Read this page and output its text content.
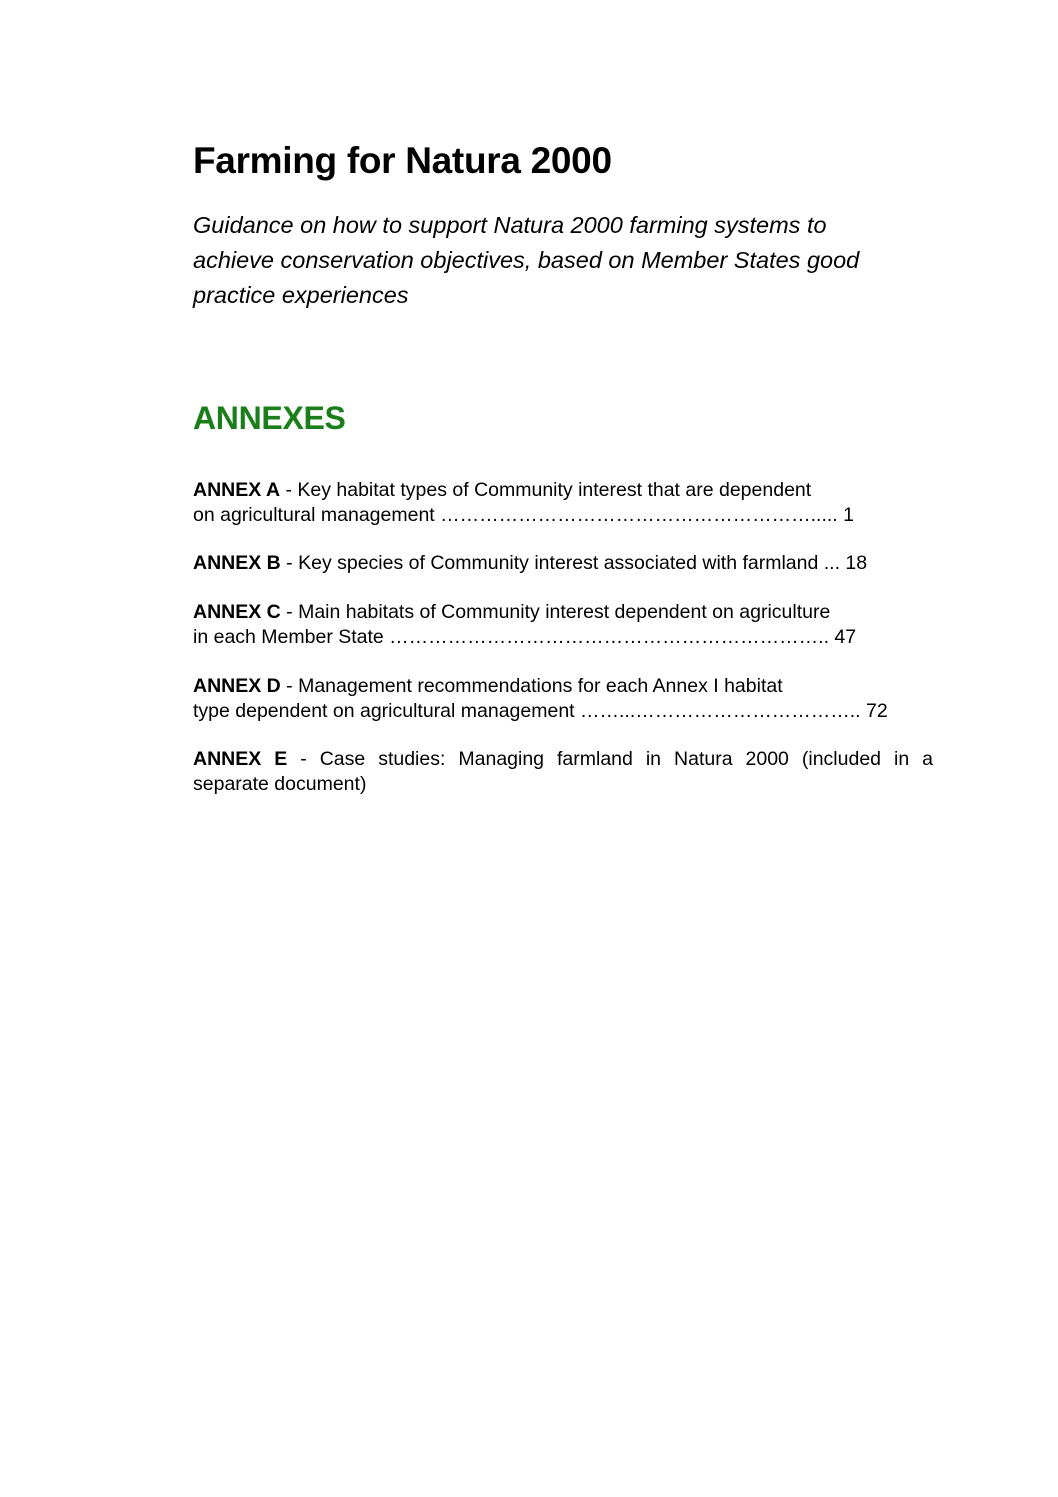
Farming for Natura 2000
Guidance on how to support Natura 2000 farming systems to
achieve conservation objectives, based on Member States good
practice experiences
ANNEXES
ANNEX A - Key habitat types of Community interest that are dependent
on agricultural management …………………………………………………..... 1
ANNEX B - Key species of Community interest associated with farmland ... 18
ANNEX C - Main habitats of Community interest dependent on agriculture
in each Member State ………………………………………………………….. 47
ANNEX D - Management recommendations for each Annex I habitat
type dependent on agricultural management ……...…………………………….. 72
ANNEX E - Case studies: Managing farmland in Natura 2000 (included in a
separate document)
